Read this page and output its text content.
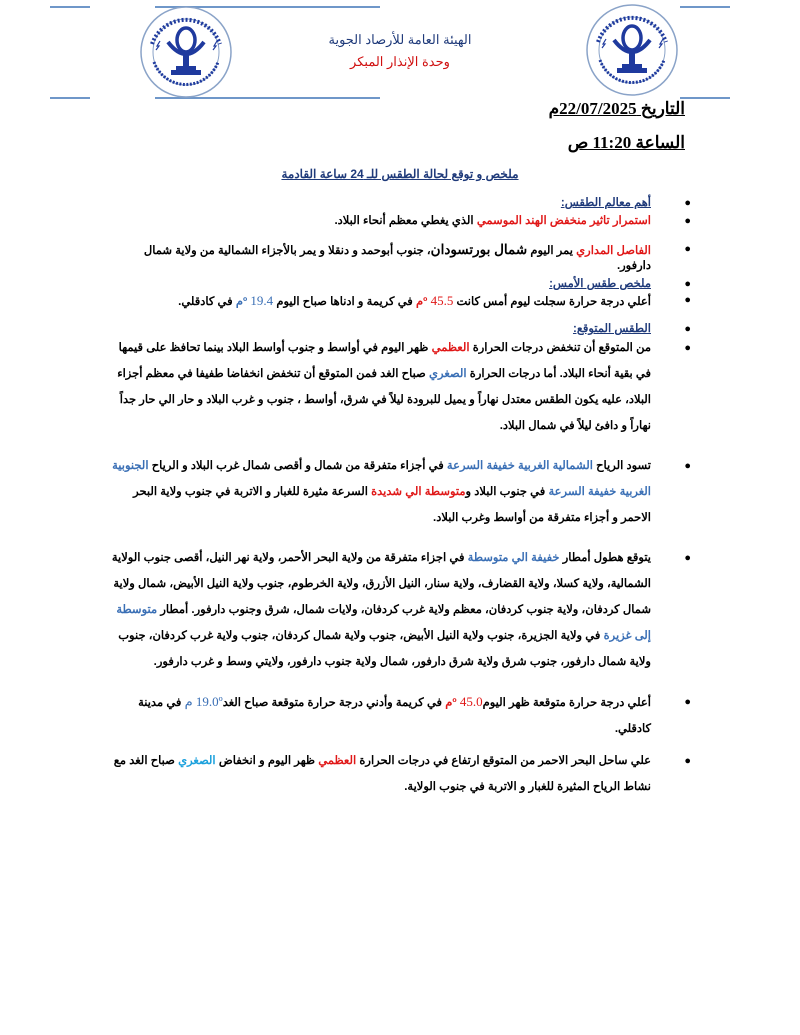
الهيئة العامة للأرصاد الجوية
وحدة الإنذار المبكر
التاريخ 22/07/2025م
الساعة 11:20 ص
ملخص و توقع لحالة الطقس للـ 24 ساعة القادمة
●
أهم معالم الطقس:
●
استمرار تاثير منخفض الهند الموسمي الذي يغطي معظم أنحاء البلاد.
●
الفاصل المداري يمر اليوم شمال بورتسودان، جنوب أبوحمد و دنقلا و يمر بالأجزاء الشمالية من ولاية شمال دارفور.
●
ملخص طقس الأمس:
●
أعلي درجة حرارة سجلت ليوم أمس كانت 45.5 ºم في كريمة و ادناها صباح اليوم 19.4 ºم في كادقلي.
●
الطقس المتوقع:
●
من المتوقع أن تنخفض درجات الحرارة العظمي ظهر اليوم في أواسط و جنوب أواسط البلاد بينما تحافظ على قيمها في بقية أنحاء البلاد. أما درجات الحرارة الصغري صباح الغد فمن المتوقع أن تنخفض انخفاضا طفيفا في معظم أجزاء البلاد، عليه يكون الطقس معتدل نهاراً و يميل للبرودة ليلاً في شرق، أواسط ، جنوب و غرب البلاد و حار الي حار جداً نهاراً و دافئ ليلاً في شمال البلاد.
●
تسود الرياح الشمالية الغربية خفيفة السرعة في أجزاء متفرقة من شمال و أقصى شمال غرب البلاد و الرياح الجنوبية الغربية خفيفة السرعة في جنوب البلاد ومتوسطة الي شديدة السرعة مثيرة للغبار و الاتربة في جنوب ولاية البحر الاحمر و أجزاء متفرقة من أواسط وغرب البلاد.
●
يتوقع هطول أمطار خفيفة الي متوسطة في اجزاء متفرقة من ولاية البحر الأحمر، ولاية نهر النيل، أقصى جنوب الولاية الشمالية، ولاية كسلا، ولاية القضارف، ولاية سنار، النيل الأزرق، ولاية الخرطوم، جنوب ولاية النيل الأبيض، شمال ولاية شمال كردفان، ولاية جنوب كردفان، معظم ولاية غرب كردفان، ولايات شمال، شرق وجنوب دارفور. أمطار متوسطة إلى غزيرة في ولاية الجزيرة، جنوب ولاية النيل الأبيض، جنوب ولاية شمال كردفان، جنوب ولاية غرب كردفان، جنوب ولاية شمال دارفور، جنوب شرق ولاية شرق دارفور، شمال ولاية جنوب دارفور، ولايتي وسط و غرب دارفور.
●
أعلي درجة حرارة متوقعة ظهر اليوم45.0 ºم في كريمة وأدني درجة حرارة متوقعة صباح الغد19.0º م في مدينة كادقلي.
●
علي ساحل البحر الاحمر من المتوقع ارتفاع في درجات الحرارة العظمي ظهر اليوم و انخفاض الصغري صباح الغد مع نشاط الرياح المثيرة للغبار و الاتربة في جنوب الولاية.
